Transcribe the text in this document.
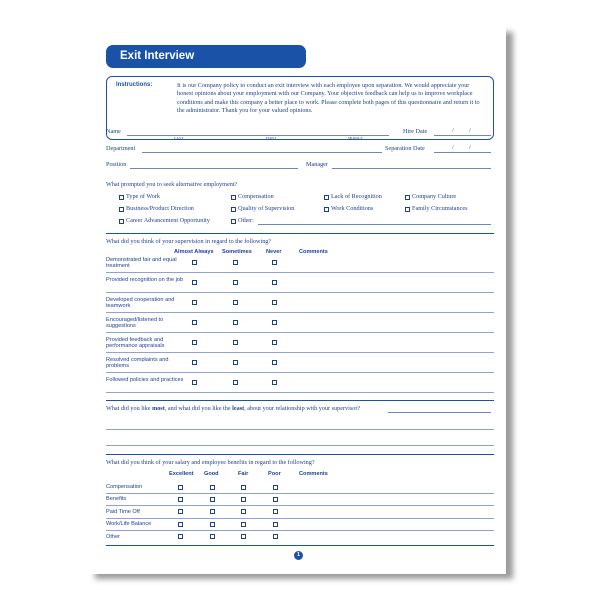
Exit Interview
Instructions:	It is our Company policy to conduct an exit interview with each employee upon separation. We would appreciate your honest opinions about your employment with our Company. Your objective feedback can help us to improve workplace conditions and make this company a better place to work. Please complete both pages of this questionnaire and return it to the administrator. Thank you for your valued opinions.
Name
LAST	FIRST	MIDDLE
Hire Date	/ /
Department	Separation Date	/ /
Position	Manager
What prompted you to seek alternative employment?
Type of Work	Compensation	Lack of Recognition	Company Culture
Business/Product Direction	Quality of Supervision	Work Conditions	Family Circumstances
Career Advancement Opportunity	Other:
What did you think of your supervision in regard to the following?
Almost Always Sometimes	Never	Comments
Demonstrated fair and equal treatment
Provided recognition on the job
Developed cooperation and teamwork
Encouraged/listened to suggestions
Provided feedback and performance appraisals
Resolved complaints and problems
Followed policies and practices
What did you like most, and what did you like the least, about your relationship with your supervisor?
What did you think of your salary and employee benefits in regard to the following?
Excellent Good	Fair	Poor	Comments
Compensation
Benefits
Paid Time Off
Work/Life Balance
Other
1
